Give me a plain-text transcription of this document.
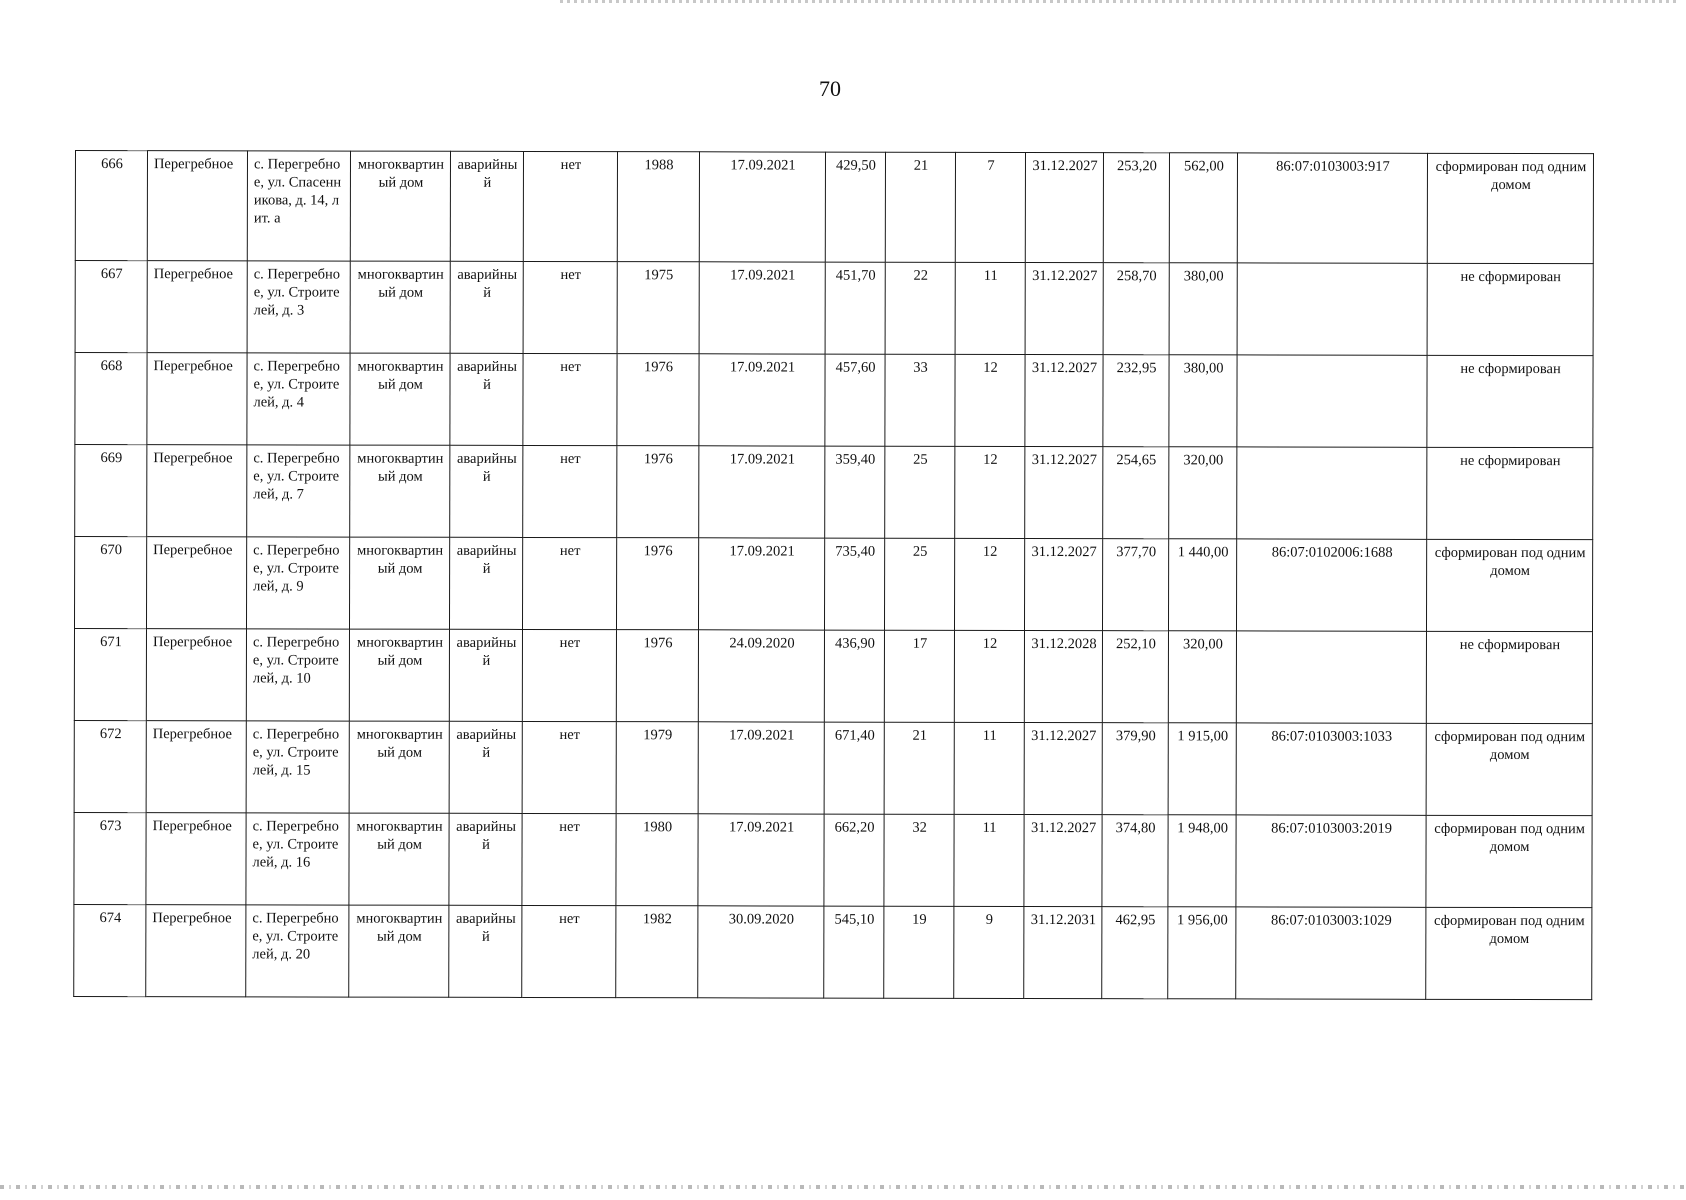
70
666	Перегребное	с. Перегребное, ул. Спасенникова, д. 14, лит. а	многоквартиный дом	аварийный	нет	1988	17.09.2021	429,50	21	7	31.12.2027	253,20	562,00	86:07:0103003:917	сформирован под одним домом
667	Перегребное	с. Перегребное, ул. Строителей, д. 3	многоквартиный дом	аварийный	нет	1975	17.09.2021	451,70	22	11	31.12.2027	258,70	380,00		не сформирован
668	Перегребное	с. Перегребное, ул. Строителей, д. 4	многоквартиный дом	аварийный	нет	1976	17.09.2021	457,60	33	12	31.12.2027	232,95	380,00		не сформирован
669	Перегребное	с. Перегребное, ул. Строителей, д. 7	многоквартиный дом	аварийный	нет	1976	17.09.2021	359,40	25	12	31.12.2027	254,65	320,00		не сформирован
670	Перегребное	с. Перегребное, ул. Строителей, д. 9	многоквартиный дом	аварийный	нет	1976	17.09.2021	735,40	25	12	31.12.2027	377,70	1 440,00	86:07:0102006:1688	сформирован под одним домом
671	Перегребное	с. Перегребное, ул. Строителей, д. 10	многоквартиный дом	аварийный	нет	1976	24.09.2020	436,90	17	12	31.12.2028	252,10	320,00		не сформирован
672	Перегребное	с. Перегребное, ул. Строителей, д. 15	многоквартиный дом	аварийный	нет	1979	17.09.2021	671,40	21	11	31.12.2027	379,90	1 915,00	86:07:0103003:1033	сформирован под одним домом
673	Перегребное	с. Перегребное, ул. Строителей, д. 16	многоквартиный дом	аварийный	нет	1980	17.09.2021	662,20	32	11	31.12.2027	374,80	1 948,00	86:07:0103003:2019	сформирован под одним домом
674	Перегребное	с. Перегребное, ул. Строителей, д. 20	многоквартиный дом	аварийный	нет	1982	30.09.2020	545,10	19	9	31.12.2031	462,95	1 956,00	86:07:0103003:1029	сформирован под одним домом
